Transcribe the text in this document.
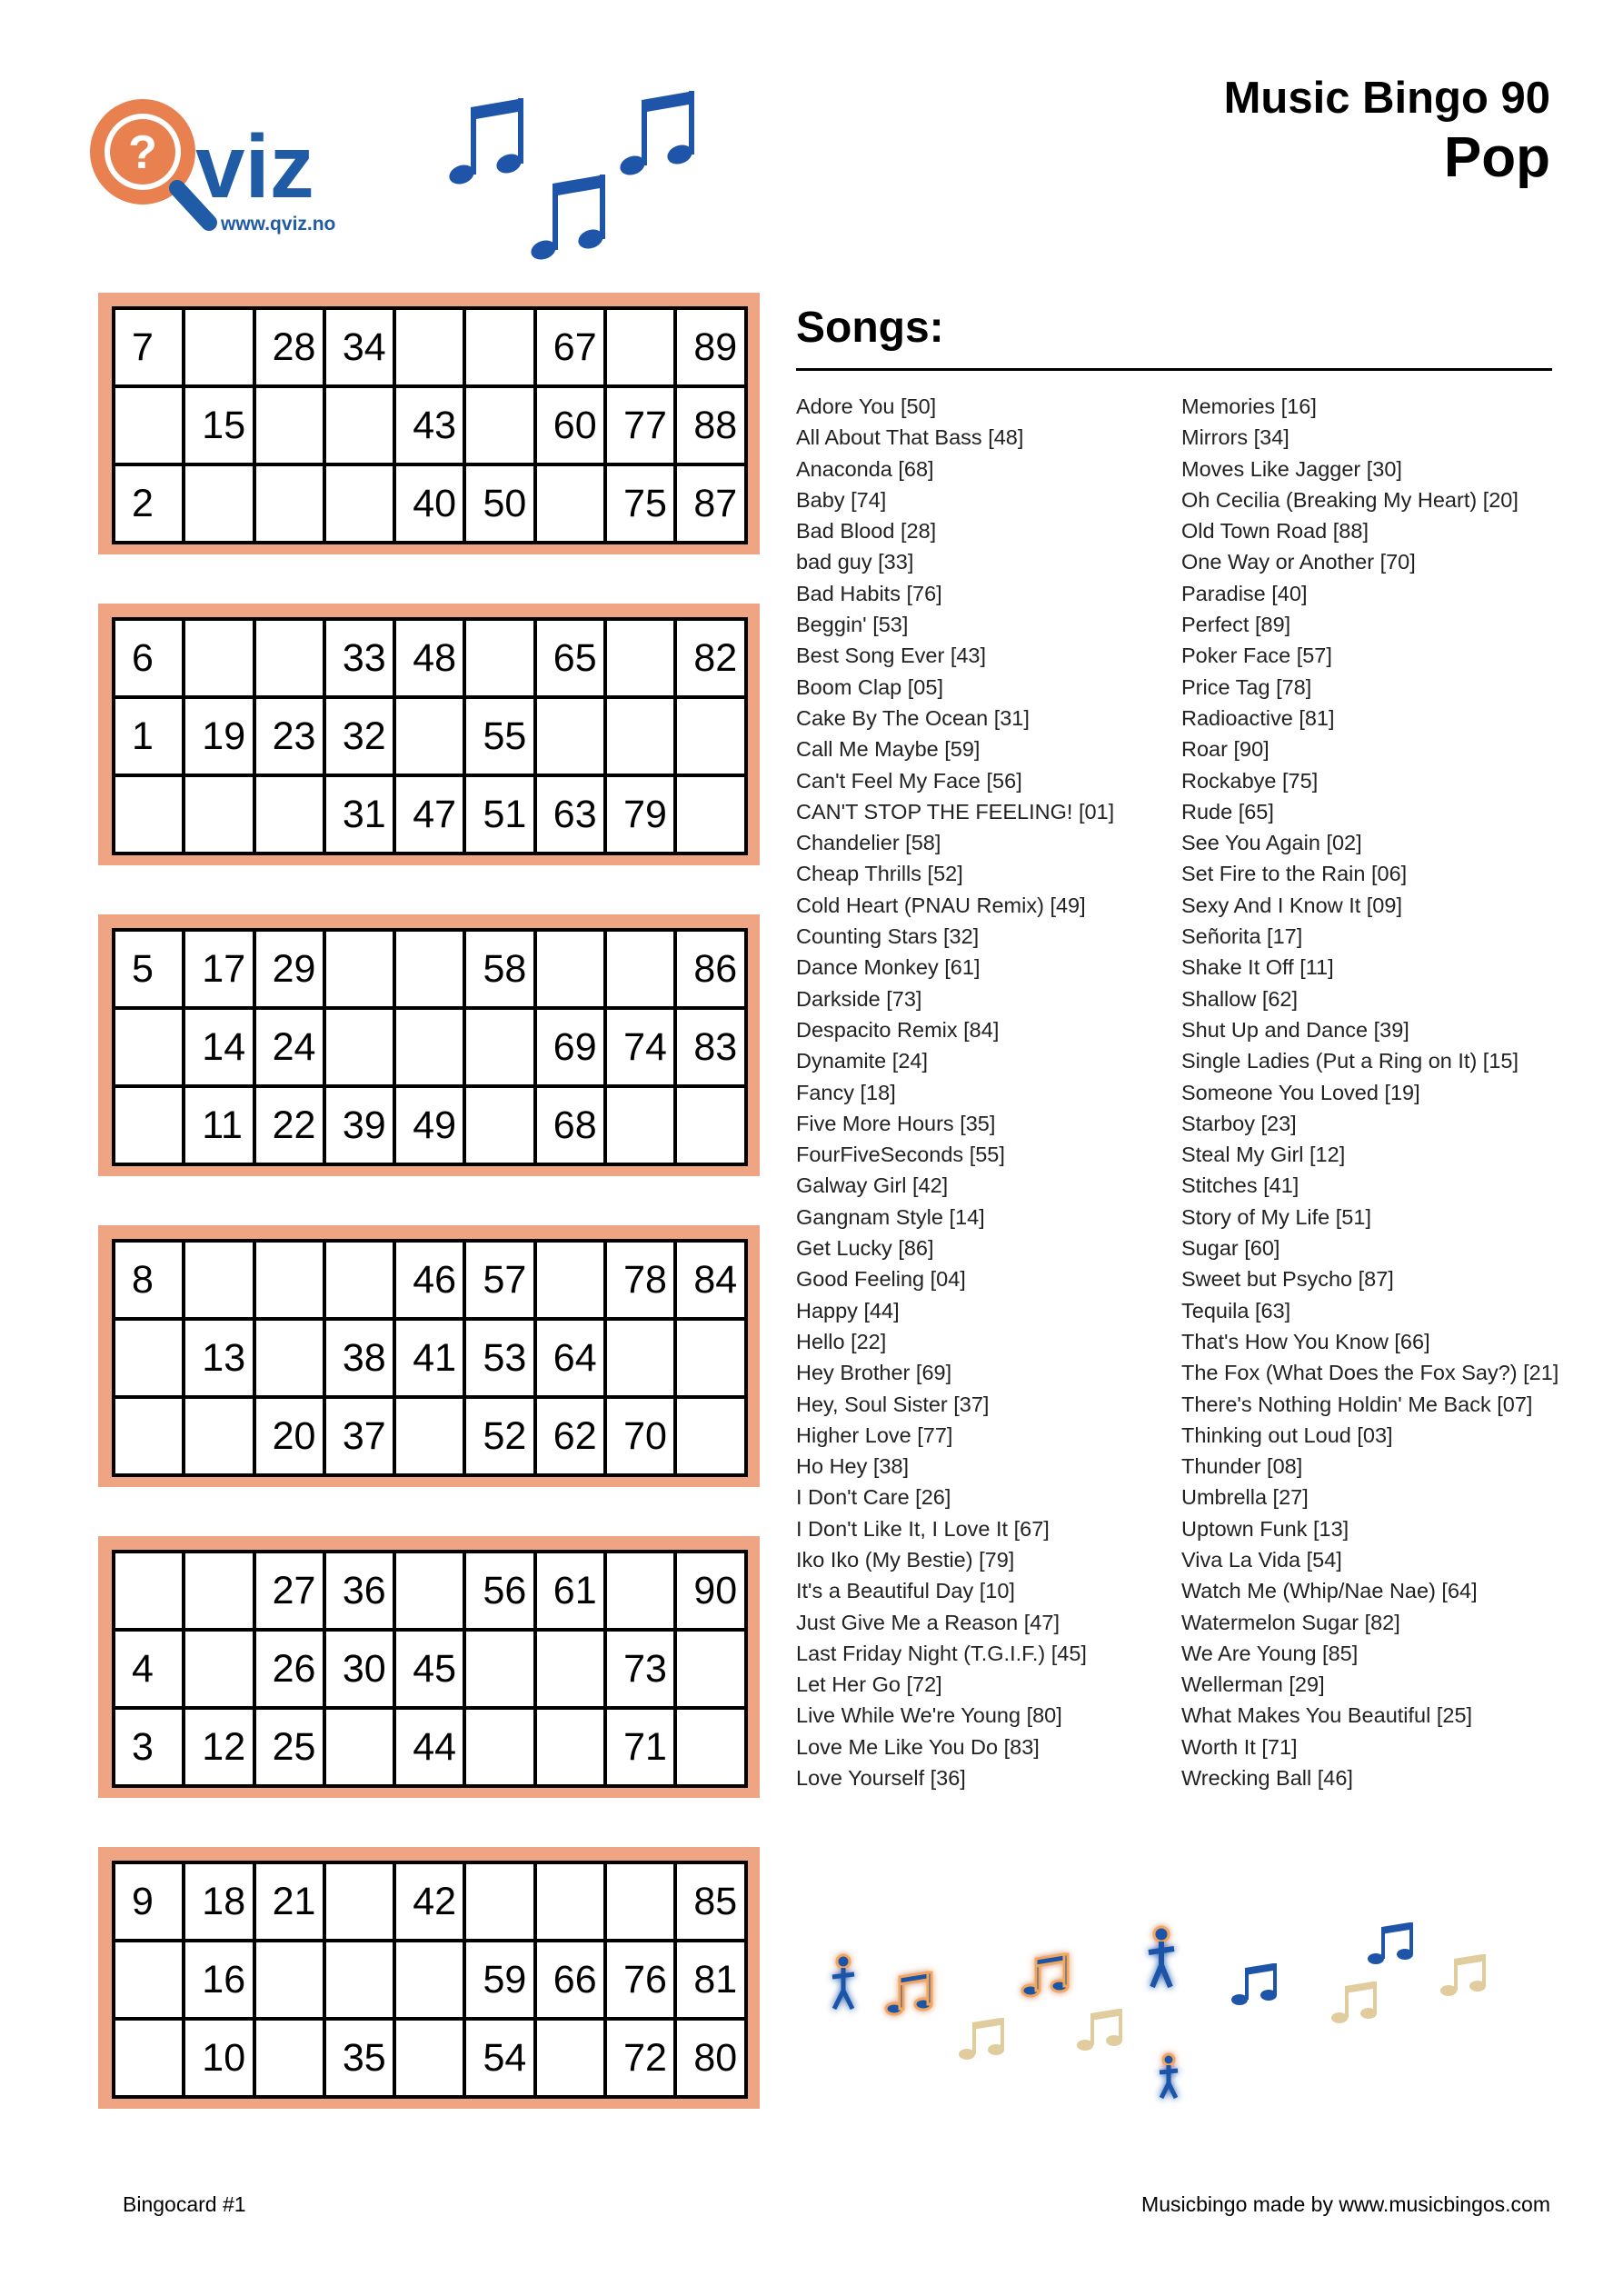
? viz
www.qviz.no
Music Bingo 90
Pop
7		28	34			67		89
	15			43		60	77	88
2				40	50		75	87
6			33	48		65		82
1	19	23	32		55			
			31	47	51	63	79	
5	17	29			58			86
	14	24				69	74	83
	11	22	39	49		68		
8				46	57		78	84
	13		38	41	53	64		
		20	37		52	62	70	
		27	36		56	61		90
4		26	30	45			73	
3	12	25		44			71	
9	18	21		42				85
	16				59	66	76	81
	10		35		54		72	80
Songs:
Adore You [50]
All About That Bass [48]
Anaconda [68]
Baby [74]
Bad Blood [28]
bad guy [33]
Bad Habits [76]
Beggin' [53]
Best Song Ever [43]
Boom Clap [05]
Cake By The Ocean [31]
Call Me Maybe [59]
Can't Feel My Face [56]
CAN'T STOP THE FEELING! [01]
Chandelier [58]
Cheap Thrills [52]
Cold Heart (PNAU Remix) [49]
Counting Stars [32]
Dance Monkey [61]
Darkside [73]
Despacito Remix [84]
Dynamite [24]
Fancy [18]
Five More Hours [35]
FourFiveSeconds [55]
Galway Girl [42]
Gangnam Style [14]
Get Lucky [86]
Good Feeling [04]
Happy [44]
Hello [22]
Hey Brother [69]
Hey, Soul Sister [37]
Higher Love [77]
Ho Hey [38]
I Don't Care [26]
I Don't Like It, I Love It [67]
Iko Iko (My Bestie) [79]
It's a Beautiful Day [10]
Just Give Me a Reason [47]
Last Friday Night (T.G.I.F.) [45]
Let Her Go [72]
Live While We're Young [80]
Love Me Like You Do [83]
Love Yourself [36]
Memories [16]
Mirrors [34]
Moves Like Jagger [30]
Oh Cecilia (Breaking My Heart) [20]
Old Town Road [88]
One Way or Another [70]
Paradise [40]
Perfect [89]
Poker Face [57]
Price Tag [78]
Radioactive [81]
Roar [90]
Rockabye [75]
Rude [65]
See You Again [02]
Set Fire to the Rain [06]
Sexy And I Know It [09]
Señorita [17]
Shake It Off [11]
Shallow [62]
Shut Up and Dance [39]
Single Ladies (Put a Ring on It) [15]
Someone You Loved [19]
Starboy [23]
Steal My Girl [12]
Stitches [41]
Story of My Life [51]
Sugar [60]
Sweet but Psycho [87]
Tequila [63]
That's How You Know [66]
The Fox (What Does the Fox Say?) [21]
There's Nothing Holdin' Me Back [07]
Thinking out Loud [03]
Thunder [08]
Umbrella [27]
Uptown Funk [13]
Viva La Vida [54]
Watch Me (Whip/Nae Nae) [64]
Watermelon Sugar [82]
We Are Young [85]
Wellerman [29]
What Makes You Beautiful [25]
Worth It [71]
Wrecking Ball [46]
Bingocard #1	Musicbingo made by www.musicbingos.com
